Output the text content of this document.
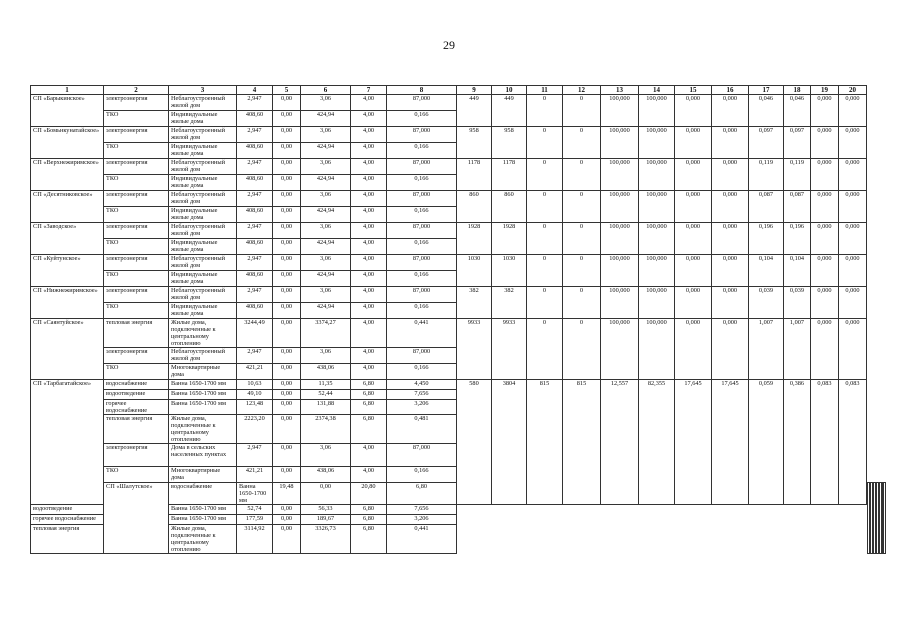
29
1	2	3	4	5	6	7	8	9	10	11	12	13	14	15	16	17	18	19	20							
СП «Барыкинское»	электроэнергия	Неблагоустроенный жилой дом	2,947	0,00	3,06	4,00	87,000	449	449	0	0	100,000	100,000	0,000	0,000	0,046	0,046	0,000	0,000							
	ТКО	Индивидуальные жилые дома	408,60	0,00	424,94	4,00	0,166																			
СП «Бомьнкунатайское»	электроэнергия	Неблагоустроенный жилой дом	2,947	0,00	3,06	4,00	87,000	958	958	0	0	100,000	100,000	0,000	0,000	0,097	0,097	0,000	0,000							
	ТКО	Индивидуальные жилые дома	408,60	0,00	424,94	4,00	0,166																			
СП «Верхнежиримское»	электроэнергия	Неблагоустроенный жилой дом	2,947	0,00	3,06	4,00	87,000	1178	1178	0	0	100,000	100,000	0,000	0,000	0,119	0,119	0,000	0,000							
	ТКО	Индивидуальные жилые дома	408,60	0,00	424,94	4,00	0,166																			
СП «Десятниковское»	электроэнергия	Неблагоустроенный жилой дом	2,947	0,00	3,06	4,00	87,000	860	860	0	0	100,000	100,000	0,000	0,000	0,087	0,087	0,000	0,000							
	ТКО	Индивидуальные жилые дома	408,60	0,00	424,94	4,00	0,166																			
СП «Заводское»	электроэнергия	Неблагоустроенный жилой дом	2,947	0,00	3,06	4,00	87,000	1928	1928	0	0	100,000	100,000	0,000	0,000	0,196	0,196	0,000	0,000							
	ТКО	Индивидуальные жилые дома	408,60	0,00	424,94	4,00	0,166																			
СП «Куйтунское»	электроэнергия	Неблагоустроенный жилой дом	2,947	0,00	3,06	4,00	87,000	1030	1030	0	0	100,000	100,000	0,000	0,000	0,104	0,104	0,000	0,000							
	ТКО	Индивидуальные жилые дома	408,60	0,00	424,94	4,00	0,166																			
СП «Нижнежиримское»	электроэнергия	Неблагоустроенный жилой дом	2,947	0,00	3,06	4,00	87,000	382	382	0	0	100,000	100,000	0,000	0,000	0,039	0,039	0,000	0,000							
	ТКО	Индивидуальные жилые дома	408,60	0,00	424,94	4,00	0,166																			
СП «Саянтуйское»	тепловая энергия	Жилые дома, подключенные к центральному отоплению	3244,49	0,00	3374,27	4,00	0,441	9933	9933	0	0	100,000	100,000	0,000	0,000	1,007	1,007	0,000	0,000							
	электроэнергия	Неблагоустроенный жилой дом	2,947	0,00	3,06	4,00	87,000																			
	ТКО	Многоквартирные дома	421,21	0,00	438,06	4,00	0,166																			
СП «Тарбагатайское»	водоснабжение	Ванна 1650-1700 мм	10,63	0,00	11,35	6,80	4,450	580	3804	815	815	12,557	82,355	17,645	17,645	0,059	0,386	0,083	0,083							
	водоотведение	Ванна 1650-1700 мм	49,10	0,00	52,44	6,80	7,656																			
	горячее водоснабжение	Ванна 1650-1700 мм	123,48	0,00	131,88	6,80	3,206																			
	тепловая энергия	Жилые дома, подключенные к центральному отоплению	2223,20	0,00	2374,38	6,80	0,481																			
	электроэнергия	Дома в сельских населенных пунктах	2,947	0,00	3,06	4,00	87,000																			
	ТКО	Многоквартирные дома	421,21	0,00	438,06	4,00	0,166																			
	СП «Шалутское»	водоснабжение	Ванна 1650-1700 мм	19,48	0,00	20,80	6,80													
водоотведение		Ванна 1650-1700 мм	52,74	0,00	56,33	6,80	7,656																			
горячее водоснабжение		Ванна 1650-1700 мм	177,59	0,00	189,67	6,80	3,206																			
тепловая энергия		Жилые дома, подключенные к центральному отоплению	3114,92	0,00	3326,73	6,80	0,441																			
